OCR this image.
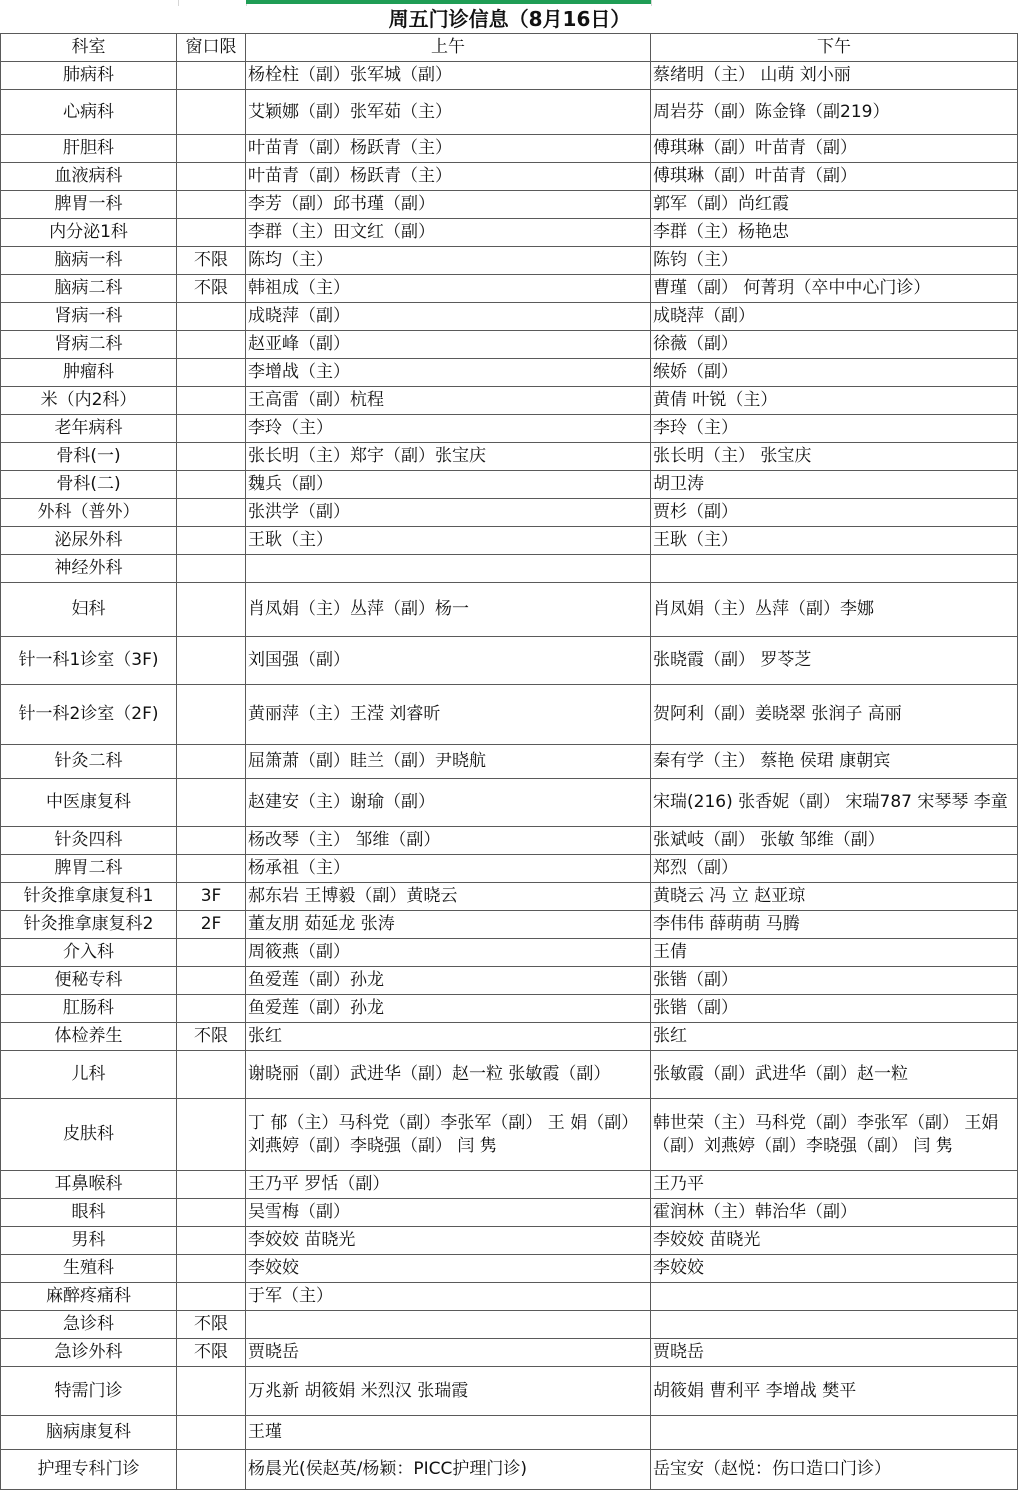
周五门诊信息（8月16日）
科室	窗口限	上午	下午
肺病科		杨栓柱（副）张军城（副）	蔡绪明（主） 山萌 刘小丽
心病科		艾颖娜（副）张军茹（主）	周岩芬（副）陈金锋（副219）
肝胆科		叶苗青（副）杨跃青（主）	傅琪琳（副）叶苗青（副）
血液病科		叶苗青（副）杨跃青（主）	傅琪琳（副）叶苗青（副）
脾胃一科		李芳（副）邱书瑾（副）	郭军（副）尚红霞
内分泌1科		李群（主）田文红（副）	李群（主）杨艳忠
脑病一科	不限	陈均（主）	陈钧（主）
脑病二科	不限	韩祖成（主）	曹瑾（副） 何菁玥（卒中中心门诊）
肾病一科		成晓萍（副）	成晓萍（副）
肾病二科		赵亚峰（副）	徐薇（副）
肿瘤科		李增战（主）	缑娇（副）
米（内2科）		王高雷（副）杭程	黄倩 叶锐（主）
老年病科		李玲（主）	李玲（主）
骨科(一)		张长明（主）郑宇（副）张宝庆	张长明（主） 张宝庆
骨科(二)		魏兵（副）	胡卫涛
外科（普外）		张洪学（副）	贾杉（副）
泌尿外科		王耿（主）	王耿（主）
神经外科			
妇科		肖凤娟（主）丛萍（副）杨一	肖凤娟（主）丛萍（副）李娜
针一科1诊室（3F)		刘国强（副）	张晓霞（副） 罗苓芝
针一科2诊室（2F)		黄丽萍（主）王滢 刘睿昕	贺阿利（副）姜晓翠 张润子 高丽
针灸二科		屈箫萧（副）眭兰（副）尹晓航	秦有学（主） 蔡艳 侯珺 康朝宾
中医康复科		赵建安（主）谢瑜（副）	宋瑞(216) 张香妮（副） 宋瑞787 宋琴琴 李童
针灸四科		杨改琴（主） 邹维（副）	张斌岐（副） 张敏 邹维（副）
脾胃二科		杨承祖（主）	郑烈（副）
针灸推拿康复科1	3F	郝东岩 王博毅（副）黄晓云	黄晓云 冯 立 赵亚琼
针灸推拿康复科2	2F	董友朋 茹延龙 张涛	李伟伟 薛萌萌 马腾
介入科		周筱燕（副）	王倩
便秘专科		鱼爱莲（副）孙龙	张锴（副）
肛肠科		鱼爱莲（副）孙龙	张锴（副）
体检养生	不限	张红	张红
儿科		谢晓丽（副）武进华（副）赵一粒 张敏霞（副）	张敏霞（副）武进华（副）赵一粒
皮肤科		丁 郁（主）马科党（副）李张军（副） 王 娟（副）刘燕婷（副）李晓强（副） 闫 隽	韩世荣（主）马科党（副）李张军（副） 王娟（副）刘燕婷（副）李晓强（副） 闫 隽
耳鼻喉科		王乃平 罗恬（副）	王乃平
眼科		吴雪梅（副）	霍润林（主）韩治华（副）
男科		李姣姣 苗晓光	李姣姣 苗晓光
生殖科		李姣姣	李姣姣
麻醉疼痛科		于军（主）	
急诊科	不限		
急诊外科	不限	贾晓岳	贾晓岳
特需门诊		万兆新 胡筱娟 米烈汉 张瑞霞	胡筱娟 曹利平 李增战 樊平
脑病康复科		王瑾	
护理专科门诊		杨晨光(侯赵英/杨颖：PICC护理门诊)	岳宝安（赵悦：伤口造口门诊）
